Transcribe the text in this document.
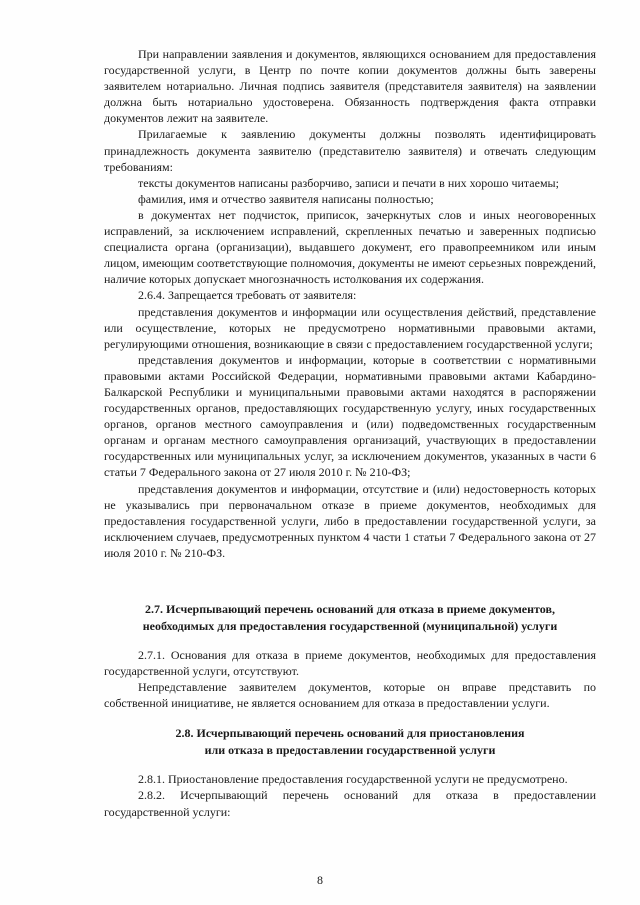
При направлении заявления и документов, являющихся основанием для предоставления государственной услуги, в Центр по почте копии документов должны быть заверены заявителем нотариально. Личная подпись заявителя (представителя заявителя) на заявлении должна быть нотариально удостоверена. Обязанность подтверждения факта отправки документов лежит на заявителе.

Прилагаемые к заявлению документы должны позволять идентифицировать принадлежность документа заявителю (представителю заявителя) и отвечать следующим требованиям:

тексты документов написаны разборчиво, записи и печати в них хорошо читаемы;

фамилия, имя и отчество заявителя написаны полностью;

в документах нет подчисток, приписок, зачеркнутых слов и иных неоговоренных исправлений, за исключением исправлений, скрепленных печатью и заверенных подписью специалиста органа (организации), выдавшего документ, его правопреемником или иным лицом, имеющим соответствующие полномочия, документы не имеют серьезных повреждений, наличие которых допускает многозначность истолкования их содержания.

2.6.4. Запрещается требовать от заявителя:

представления документов и информации или осуществления действий, представление или осуществление, которых не предусмотрено нормативными правовыми актами, регулирующими отношения, возникающие в связи с предоставлением государственной услуги;

представления документов и информации, которые в соответствии с нормативными правовыми актами Российской Федерации, нормативными правовыми актами Кабардино-Балкарской Республики и муниципальными правовыми актами находятся в распоряжении государственных органов, предоставляющих государственную услугу, иных государственных органов, органов местного самоуправления и (или) подведомственных государственным органам и органам местного самоуправления организаций, участвующих в предоставлении государственных или муниципальных услуг, за исключением документов, указанных в части 6 статьи 7 Федерального закона от 27 июля 2010 г. № 210-ФЗ;

представления документов и информации, отсутствие и (или) недостоверность которых не указывались при первоначальном отказе в приеме документов, необходимых для предоставления государственной услуги, либо в предоставлении государственной услуги, за исключением случаев, предусмотренных пунктом 4 части 1 статьи 7 Федерального закона от 27 июля 2010 г. № 210-ФЗ.

2.7. Исчерпывающий перечень оснований для отказа в приеме документов,
необходимых для предоставления государственной (муниципальной) услуги

2.7.1. Основания для отказа в приеме документов, необходимых для предоставления государственной услуги, отсутствуют.

Непредставление заявителем документов, которые он вправе представить по собственной инициативе, не является основанием для отказа в предоставлении услуги.

2.8. Исчерпывающий перечень оснований для приостановления
или отказа в предоставлении государственной услуги

2.8.1. Приостановление предоставления государственной услуги не предусмотрено.

2.8.2. Исчерпывающий перечень оснований для отказа в предоставлении государственной услуги:

8
